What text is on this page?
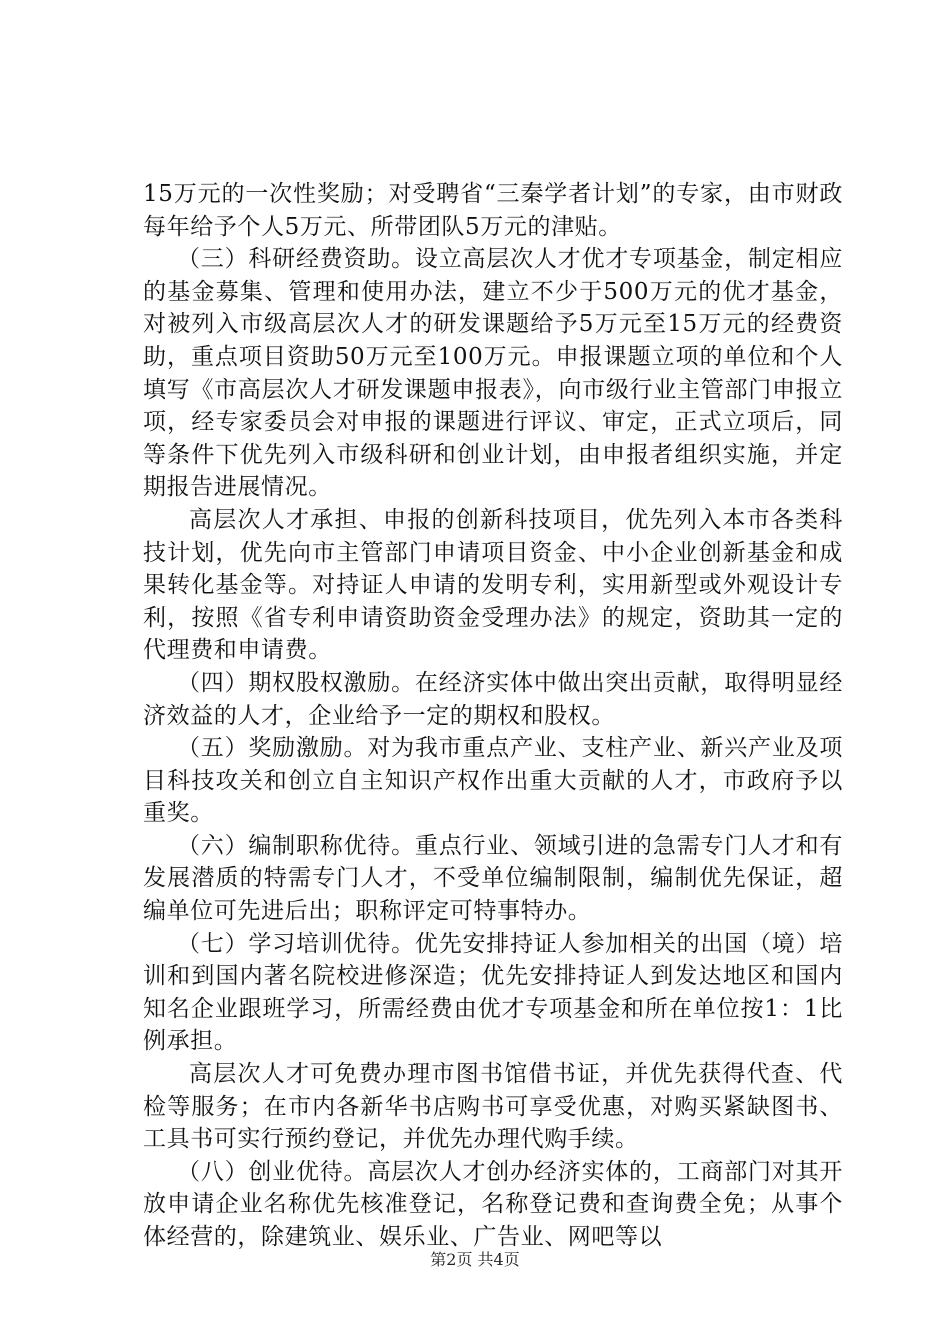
15万元的一次性奖励；对受聘省“三秦学者计划”的专家，由市财政每年给予个人5万元、所带团队5万元的津贴。

（三）科研经费资助。设立高层次人才优才专项基金，制定相应的基金募集、管理和使用办法，建立不少于500万元的优才基金，对被列入市级高层次人才的研发课题给予5万元至15万元的经费资助，重点项目资助50万元至100万元。申报课题立项的单位和个人填写《市高层次人才研发课题申报表》，向市级行业主管部门申报立项，经专家委员会对申报的课题进行评议、审定，正式立项后，同等条件下优先列入市级科研和创业计划，由申报者组织实施，并定期报告进展情况。

高层次人才承担、申报的创新科技项目，优先列入本市各类科技计划，优先向市主管部门申请项目资金、中小企业创新基金和成果转化基金等。对持证人申请的发明专利，实用新型或外观设计专利，按照《省专利申请资助资金受理办法》的规定，资助其一定的代理费和申请费。

（四）期权股权激励。在经济实体中做出突出贡献，取得明显经济效益的人才，企业给予一定的期权和股权。

（五）奖励激励。对为我市重点产业、支柱产业、新兴产业及项目科技攻关和创立自主知识产权作出重大贡献的人才，市政府予以重奖。

（六）编制职称优待。重点行业、领域引进的急需专门人才和有发展潜质的特需专门人才，不受单位编制限制，编制优先保证，超编单位可先进后出；职称评定可特事特办。

（七）学习培训优待。优先安排持证人参加相关的出国（境）培训和到国内著名院校进修深造；优先安排持证人到发达地区和国内知名企业跟班学习，所需经费由优才专项基金和所在单位按1：1比例承担。

高层次人才可免费办理市图书馆借书证，并优先获得代查、代检等服务；在市内各新华书店购书可享受优惠，对购买紧缺图书、工具书可实行预约登记，并优先办理代购手续。

（八）创业优待。高层次人才创办经济实体的，工商部门对其开放申请企业名称优先核准登记，名称登记费和查询费全免；从事个体经营的，除建筑业、娱乐业、广告业、网吧等以

第2页 共4页
